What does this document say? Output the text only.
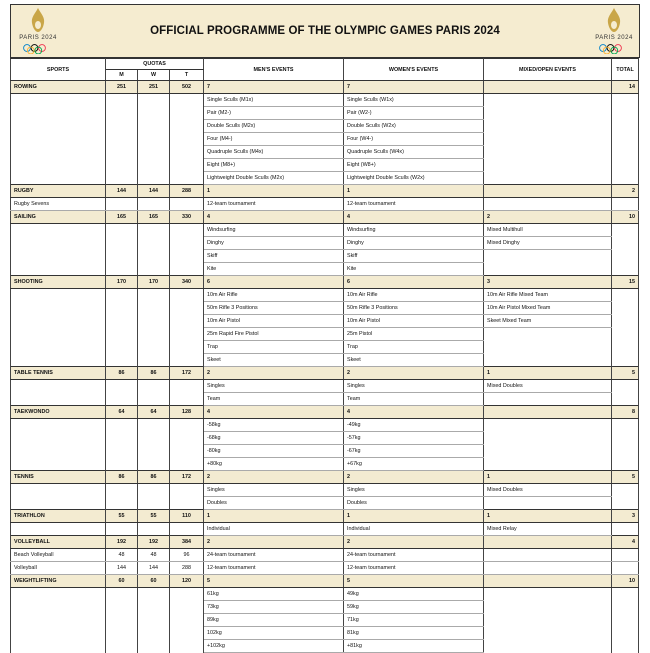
PARIS 2024
OFFICIAL PROGRAMME OF THE OLYMPIC GAMES PARIS 2024
PARIS 2024
SPORTS	QUOTAS			MEN'S EVENTS	WOMEN'S EVENTS	MIXED/OPEN EVENTS	TOTAL
	M	W	T				
ROWING	251	251	502	7	7		14
				Single Sculls (M1x)	Single Sculls (W1x)		
				Pair (M2-)	Pair (W2-)		
				Double Sculls (M2x)	Double Sculls (W2x)		
				Four (M4-)	Four (W4-)		
				Quadruple Sculls (M4x)	Quadruple Sculls (W4x)		
				Eight (M8+)	Eight (W8+)		
				Lightweight Double Sculls (M2x)	Lightweight Double Sculls (W2x)		
RUGBY	144	144	288	1	1		2
Rugby Sevens				12-team tournament	12-team tournament		
SAILING	165	165	330	4	4	2	10
				Windsurfing	Windsurfing	Mixed Multihull	
				Dinghy	Dinghy	Mixed Dinghy	
				Skiff	Skiff		
				Kite	Kite		
SHOOTING	170	170	340	6	6	3	15
				10m Air Rifle	10m Air Rifle	10m Air Rifle Mixed Team	
				50m Rifle 3 Positions	50m Rifle 3 Positions	10m Air Pistol Mixed Team	
				10m Air Pistol	10m Air Pistol	Skeet Mixed Team	
				25m Rapid Fire Pistol	25m Pistol		
				Trap	Trap		
				Skeet	Skeet		
TABLE TENNIS	86	86	172	2	2	1	5
				Singles	Singles	Mixed Doubles	
				Team	Team		
TAEKWONDO	64	64	128	4	4		8
				-58kg	-49kg		
				-68kg	-57kg		
				-80kg	-67kg		
				+80kg	+67kg		
TENNIS	86	86	172	2	2	1	5
				Singles	Singles	Mixed Doubles	
				Doubles	Doubles		
TRIATHLON	55	55	110	1	1	1	3
				Individual	Individual	Mixed Relay	
VOLLEYBALL	192	192	384	2	2		4
Beach Volleyball	48	48	96	24-team tournament	24-team tournament		
Volleyball	144	144	288	12-team tournament	12-team tournament		
WEIGHTLIFTING	60	60	120	5	5		10
				61kg	49kg		
				73kg	59kg		
				89kg	71kg		
				102kg	81kg		
				+102kg	+81kg		
